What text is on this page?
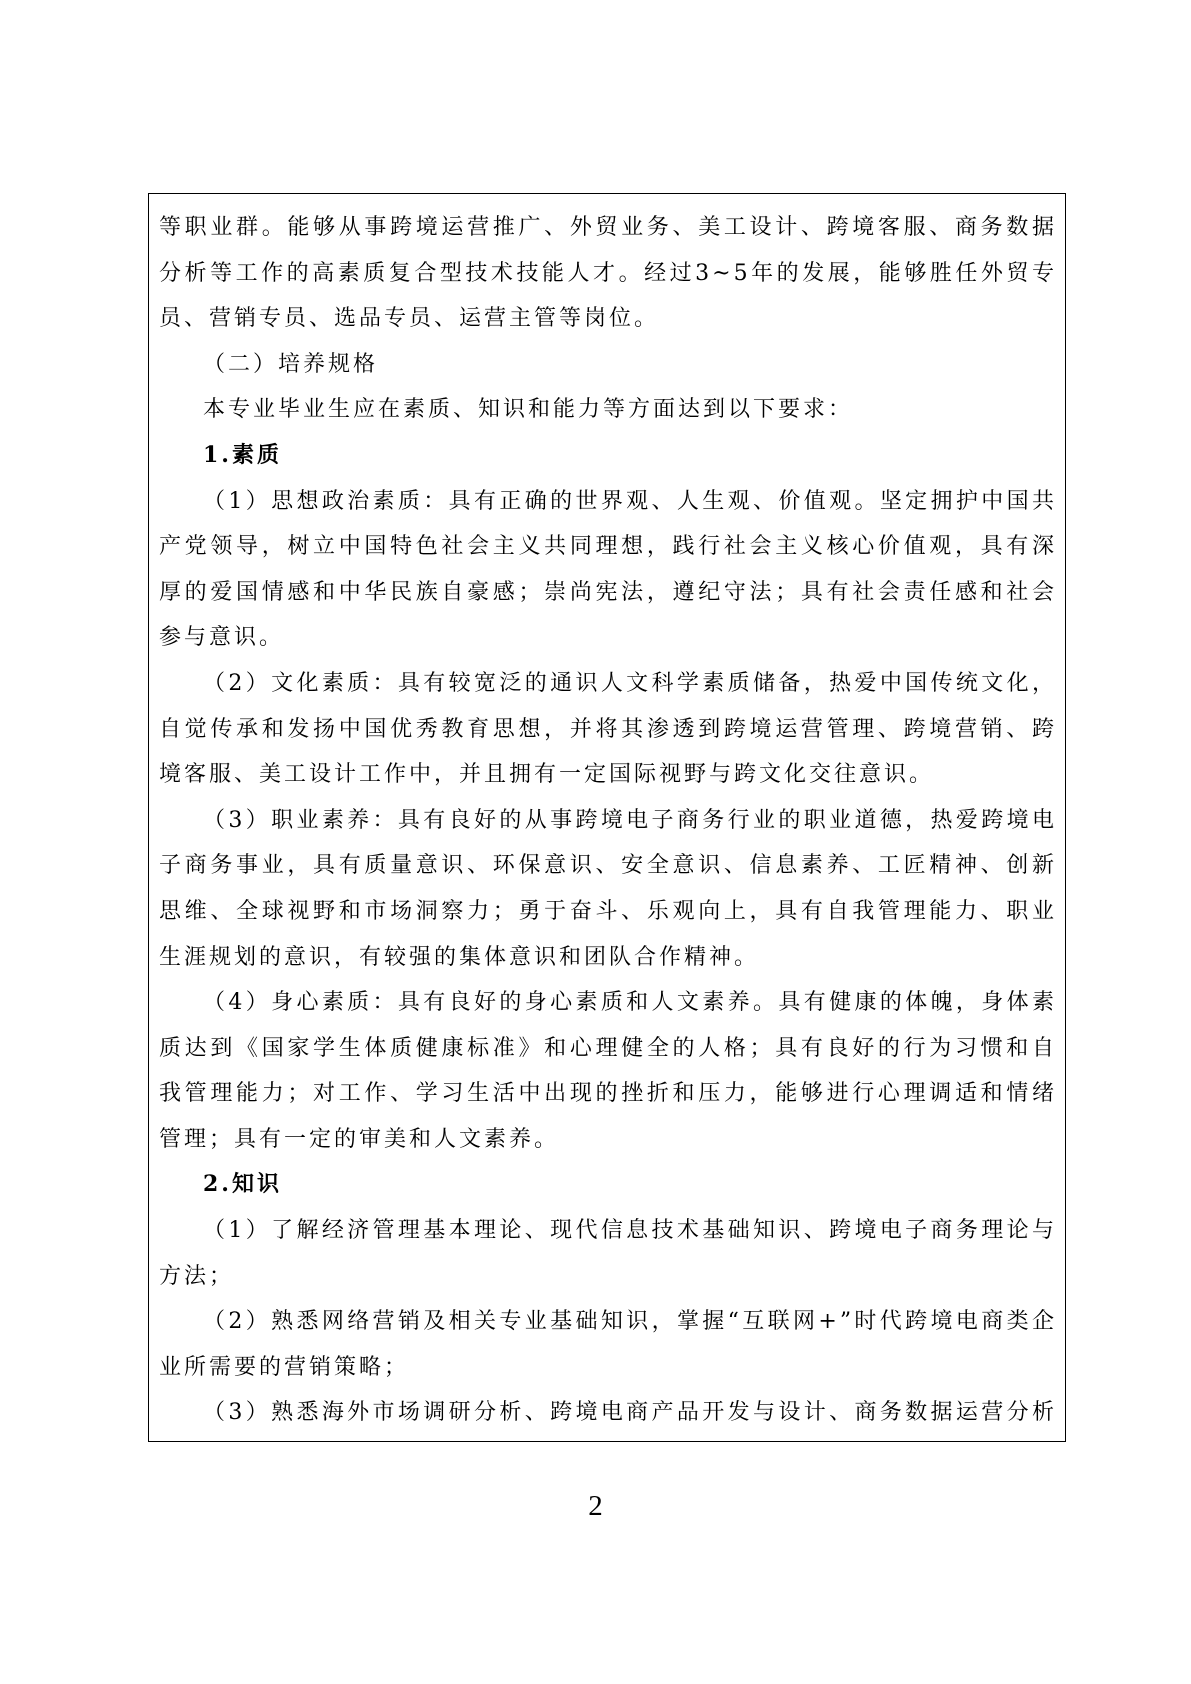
等职业群。能够从事跨境运营推广、外贸业务、美工设计、跨境客服、商务数据分析等工作的高素质复合型技术技能人才。经过3~5年的发展，能够胜任外贸专员、营销专员、选品专员、运营主管等岗位。

（二）培养规格

本专业毕业生应在素质、知识和能力等方面达到以下要求：

1.素质

（1）思想政治素质：具有正确的世界观、人生观、价值观。坚定拥护中国共产党领导，树立中国特色社会主义共同理想，践行社会主义核心价值观，具有深厚的爱国情感和中华民族自豪感；崇尚宪法，遵纪守法；具有社会责任感和社会参与意识。

（2）文化素质：具有较宽泛的通识人文科学素质储备，热爱中国传统文化，自觉传承和发扬中国优秀教育思想，并将其渗透到跨境运营管理、跨境营销、跨境客服、美工设计工作中，并且拥有一定国际视野与跨文化交往意识。

（3）职业素养：具有良好的从事跨境电子商务行业的职业道德，热爱跨境电子商务事业，具有质量意识、环保意识、安全意识、信息素养、工匠精神、创新思维、全球视野和市场洞察力；勇于奋斗、乐观向上，具有自我管理能力、职业生涯规划的意识，有较强的集体意识和团队合作精神。

（4）身心素质：具有良好的身心素质和人文素养。具有健康的体魄，身体素质达到《国家学生体质健康标准》和心理健全的人格；具有良好的行为习惯和自我管理能力；对工作、学习生活中出现的挫折和压力，能够进行心理调适和情绪管理；具有一定的审美和人文素养。

2.知识

（1）了解经济管理基本理论、现代信息技术基础知识、跨境电子商务理论与方法；

（2）熟悉网络营销及相关专业基础知识，掌握“互联网+”时代跨境电商类企业所需要的营销策略；

（3）熟悉海外市场调研分析、跨境电商产品开发与设计、商务数据运营分析

2
